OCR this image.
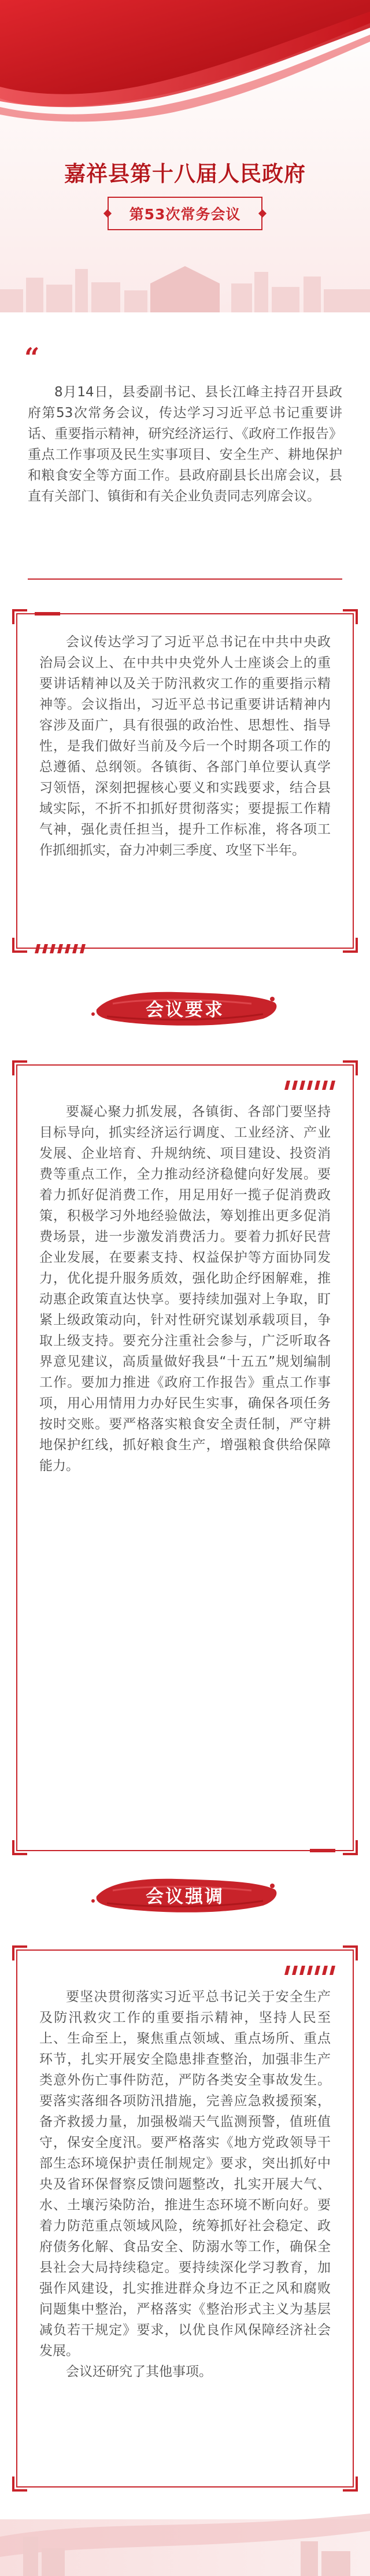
嘉祥县第十八届人民政府
第53次常务会议
“

8月14日，县委副书记、县长江峰主持召开县政府第53次常务会议，传达学习习近平总书记重要讲话、重要指示精神，研究经济运行、《政府工作报告》重点工作事项及民生实事项目、安全生产、耕地保护和粮食安全等方面工作。县政府副县长出席会议，县直有关部门、镇街和有关企业负责同志列席会议。

会议传达学习了习近平总书记在中共中央政治局会议上、在中共中央党外人士座谈会上的重要讲话精神以及关于防汛救灾工作的重要指示精神等。会议指出，习近平总书记重要讲话精神内容涉及面广，具有很强的政治性、思想性、指导性，是我们做好当前及今后一个时期各项工作的总遵循、总纲领。各镇街、各部门单位要认真学习领悟，深刻把握核心要义和实践要求，结合县域实际，不折不扣抓好贯彻落实；要提振工作精气神，强化责任担当，提升工作标准，将各项工作抓细抓实，奋力冲刺三季度、攻坚下半年。

会议要求

要凝心聚力抓发展，各镇街、各部门要坚持目标导向，抓实经济运行调度、工业经济、产业发展、企业培育、升规纳统、项目建设、投资消费等重点工作，全力推动经济稳健向好发展。要着力抓好促消费工作，用足用好一揽子促消费政策，积极学习外地经验做法，筹划推出更多促消费场景，进一步激发消费活力。要着力抓好民营企业发展，在要素支持、权益保护等方面协同发力，优化提升服务质效，强化助企纾困解难，推动惠企政策直达快享。要持续加强对上争取，盯紧上级政策动向，针对性研究谋划承载项目，争取上级支持。要充分注重社会参与，广泛听取各界意见建议，高质量做好我县“十五五”规划编制工作。要加力推进《政府工作报告》重点工作事项，用心用情用力办好民生实事，确保各项任务按时交账。要严格落实粮食安全责任制，严守耕地保护红线，抓好粮食生产，增强粮食供给保障能力。

会议强调

要坚决贯彻落实习近平总书记关于安全生产及防汛救灾工作的重要指示精神，坚持人民至上、生命至上，聚焦重点领域、重点场所、重点环节，扎实开展安全隐患排查整治，加强非生产类意外伤亡事件防范，严防各类安全事故发生。要落实落细各项防汛措施，完善应急救援预案，备齐救援力量，加强极端天气监测预警，值班值守，保安全度汛。要严格落实《地方党政领导干部生态环境保护责任制规定》要求，突出抓好中央及省环保督察反馈问题整改，扎实开展大气、水、土壤污染防治，推进生态环境不断向好。要着力防范重点领域风险，统筹抓好社会稳定、政府债务化解、食品安全、防溺水等工作，确保全县社会大局持续稳定。要持续深化学习教育，加强作风建设，扎实推进群众身边不正之风和腐败问题集中整治，严格落实《整治形式主义为基层减负若干规定》要求，以优良作风保障经济社会发展。

会议还研究了其他事项。
